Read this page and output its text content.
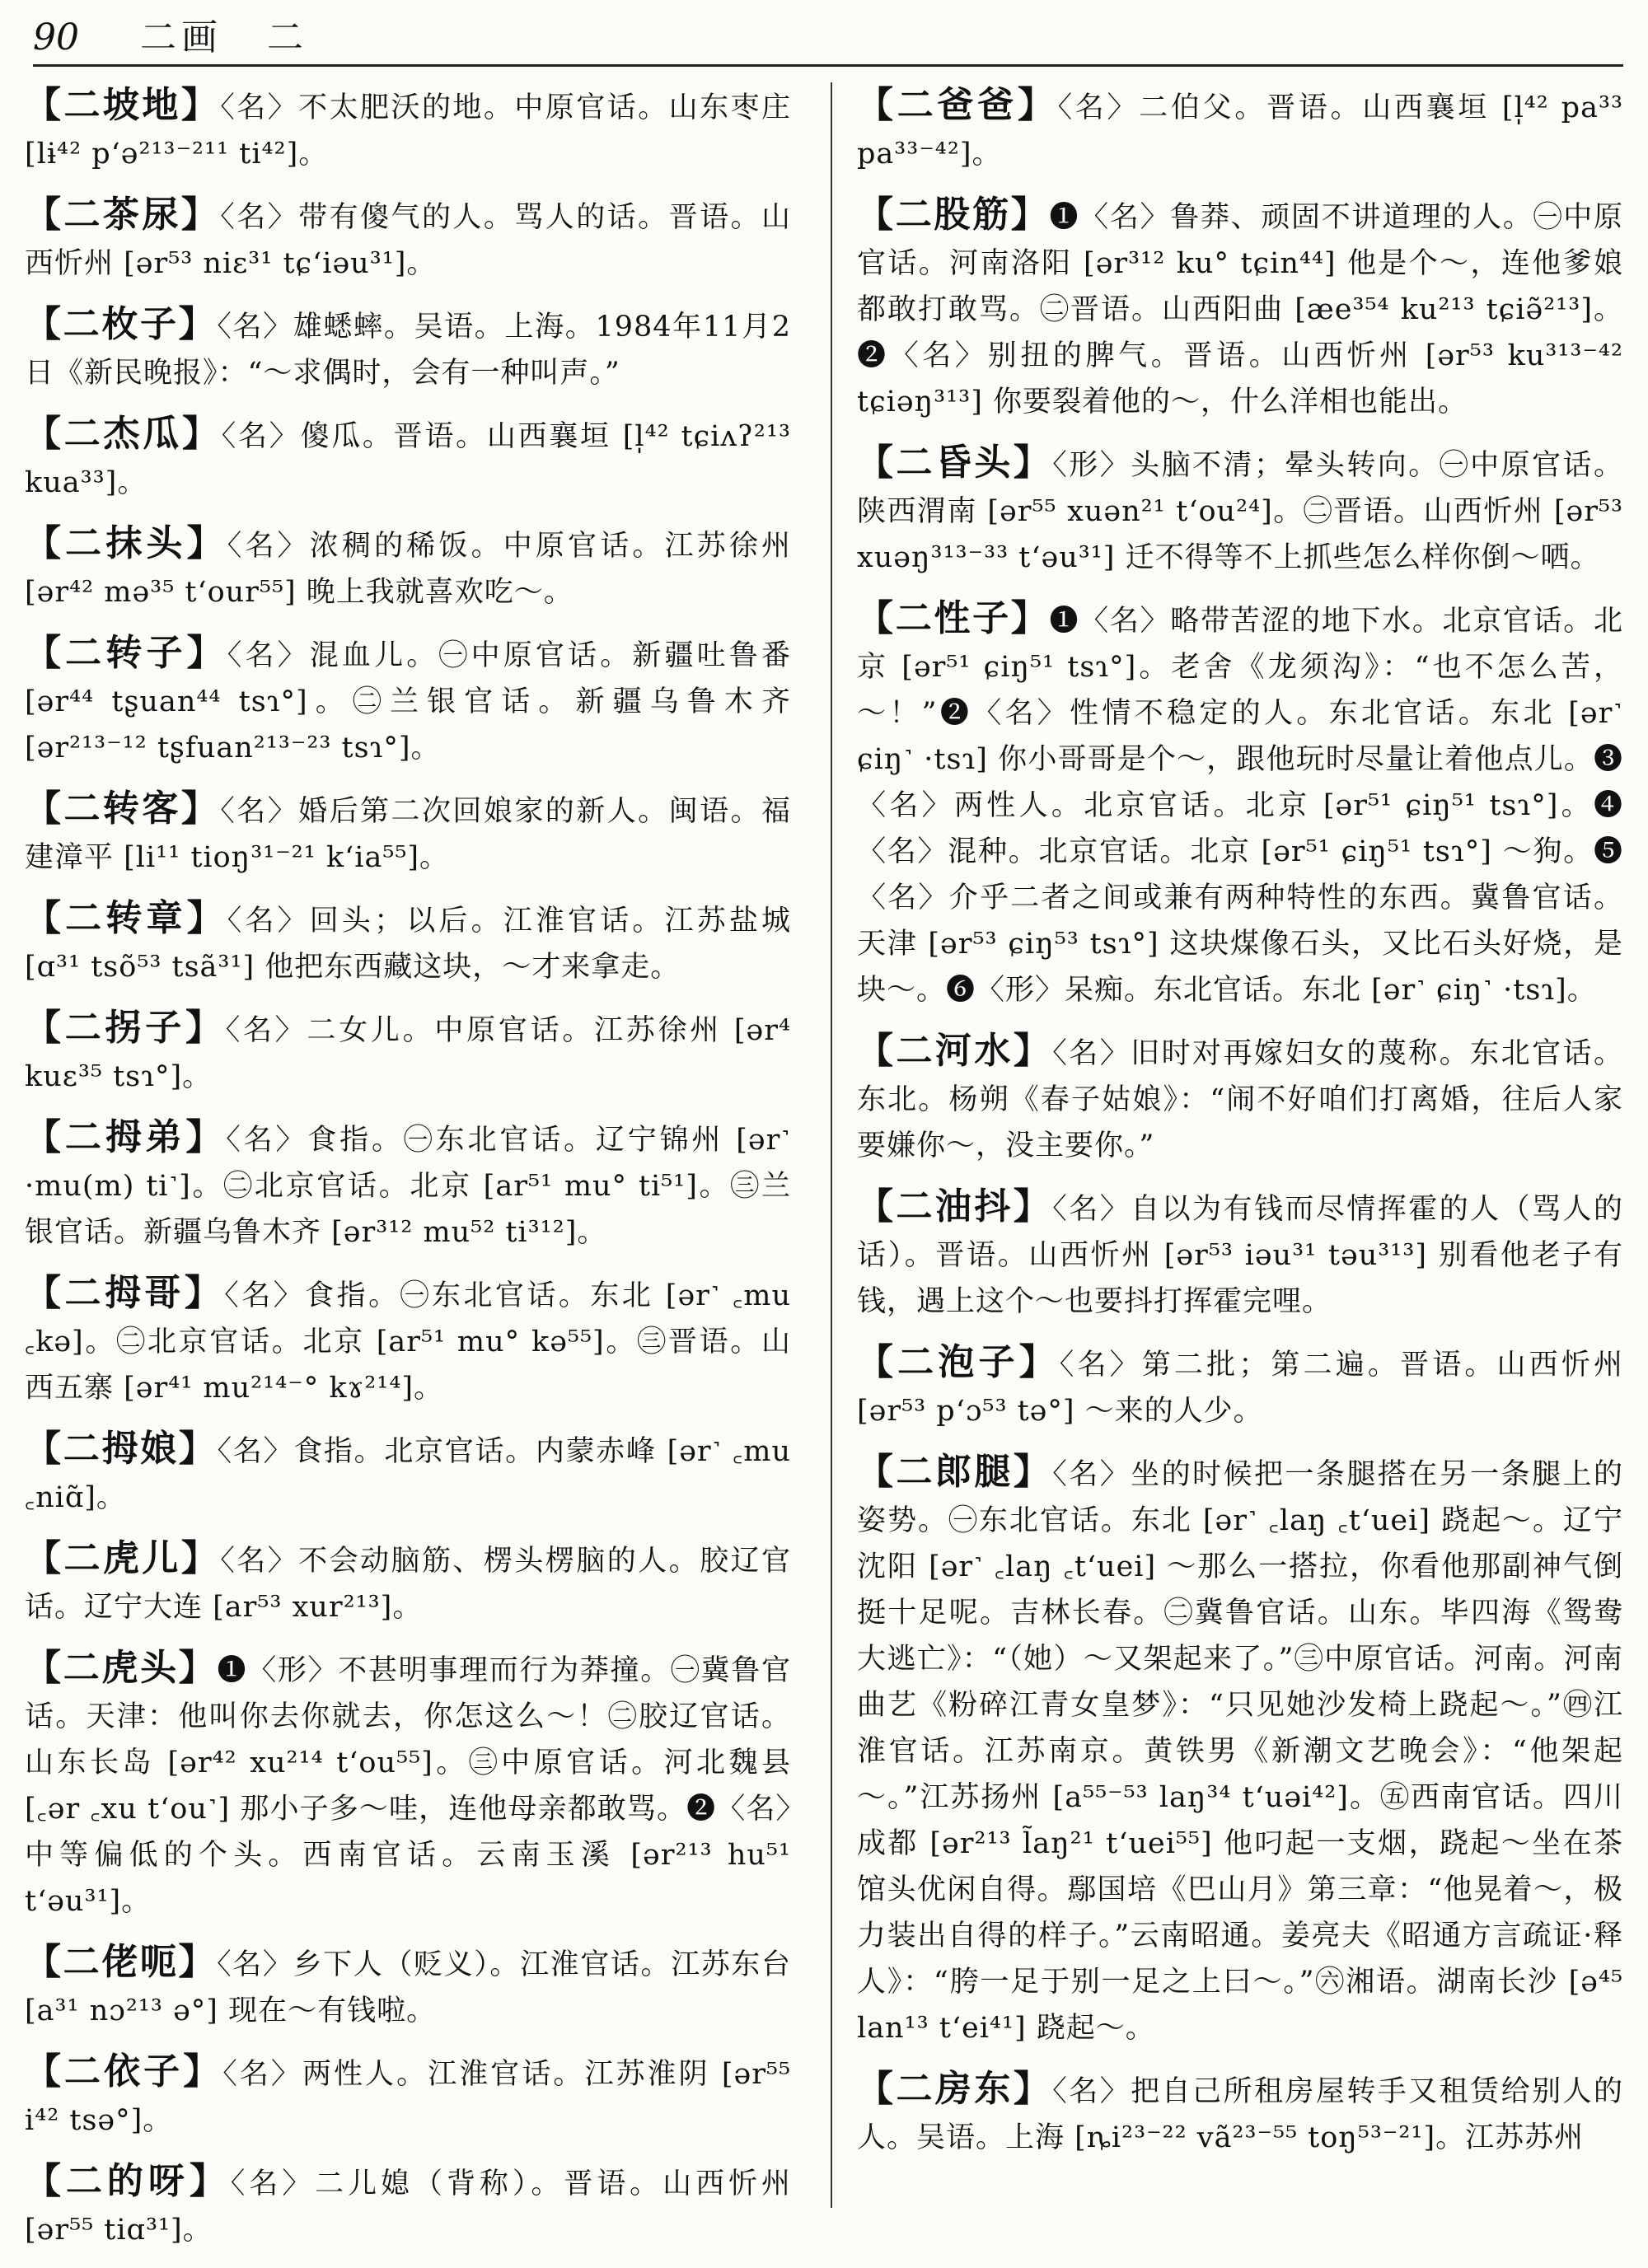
90 二画 二
【二坡地】〈名〉不太肥沃的地。中原官话。山东枣庄 [lɨ⁴² pʻə²¹³⁻²¹¹ ti⁴²]。
【二茶尿】〈名〉带有傻气的人。骂人的话。晋语。山西忻州 [ər⁵³ niɛ³¹ tɕʻiəu³¹]。
【二枚子】〈名〉雄蟋蟀。吴语。上海。1984年11月2日《新民晚报》：“～求偶时，会有一种叫声。”
【二杰瓜】〈名〉傻瓜。晋语。山西襄垣 [l̩⁴² tɕiʌʔ²¹³ kua³³]。
【二抹头】〈名〉浓稠的稀饭。中原官话。江苏徐州 [ər⁴² mə³⁵ tʻour⁵⁵] 晚上我就喜欢吃～。
【二转子】〈名〉混血儿。㊀中原官话。新疆吐鲁番 [ər⁴⁴ tʂuan⁴⁴ tsɿ°]。㊁兰银官话。新疆乌鲁木齐 [ər²¹³⁻¹² tʂfuan²¹³⁻²³ tsɿ°]。
【二转客】〈名〉婚后第二次回娘家的新人。闽语。福建漳平 [li¹¹ tioŋ³¹⁻²¹ kʻia⁵⁵]。
【二转章】〈名〉回头；以后。江淮官话。江苏盐城 [ɑ³¹ tsõ⁵³ tsã³¹] 他把东西藏这块，～才来拿走。
【二拐子】〈名〉二女儿。中原官话。江苏徐州 [ər⁴ kuɛ³⁵ tsɿ°]。
【二拇弟】〈名〉食指。㊀东北官话。辽宁锦州 [ər˺ ·mu(m) ti˺]。㊁北京官话。北京 [ar⁵¹ mu° ti⁵¹]。㊂兰银官话。新疆乌鲁木齐 [ər³¹² mu⁵² ti³¹²]。
【二拇哥】〈名〉食指。㊀东北官话。东北 [ər˺ ꜀mu ꜀kə]。㊁北京官话。北京 [ar⁵¹ mu° kə⁵⁵]。㊂晋语。山西五寨 [ər⁴¹ mu²¹⁴⁻° kɤ²¹⁴]。
【二拇娘】〈名〉食指。北京官话。内蒙赤峰 [ər˺ ꜀mu ꜀niɑ̃]。
【二虎儿】〈名〉不会动脑筋、楞头楞脑的人。胶辽官话。辽宁大连 [ar⁵³ xur²¹³]。
【二虎头】❶〈形〉不甚明事理而行为莽撞。㊀冀鲁官话。天津：他叫你去你就去，你怎这么～！㊁胶辽官话。山东长岛 [ər⁴² xu²¹⁴ tʻou⁵⁵]。㊂中原官话。河北魏县 [꜀ər ꜀xu tʻou˺] 那小子多～哇，连他母亲都敢骂。❷〈名〉中等偏低的个头。西南官话。云南玉溪 [ər²¹³ hu⁵¹ tʻəu³¹]。
【二佬呃】〈名〉乡下人（贬义）。江淮官话。江苏东台 [a³¹ nɔ²¹³ ə°] 现在～有钱啦。
【二依子】〈名〉两性人。江淮官话。江苏淮阴 [ər⁵⁵ i⁴² tsə°]。
【二的呀】〈名〉二儿媳（背称）。晋语。山西忻州 [ər⁵⁵ tiɑ³¹]。
【二爸爸】〈名〉二伯父。晋语。山西襄垣 [l̩⁴² pa³³ pa³³⁻⁴²]。
【二股筋】❶〈名〉鲁莽、顽固不讲道理的人。㊀中原官话。河南洛阳 [ər³¹² ku° tɕin⁴⁴] 他是个～，连他爹娘都敢打敢骂。㊁晋语。山西阳曲 [æe³⁵⁴ ku²¹³ tɕiə̃²¹³]。❷〈名〉别扭的脾气。晋语。山西忻州 [ər⁵³ ku³¹³⁻⁴² tɕiəŋ³¹³] 你要裂着他的～，什么洋相也能出。
【二昏头】〈形〉头脑不清；晕头转向。㊀中原官话。陕西渭南 [ər⁵⁵ xuən²¹ tʻou²⁴]。㊁晋语。山西忻州 [ər⁵³ xuəŋ³¹³⁻³³ tʻəu³¹] 迁不得等不上抓些怎么样你倒～哂。
【二性子】❶〈名〉略带苦涩的地下水。北京官话。北京 [ər⁵¹ ɕiŋ⁵¹ tsɿ°]。老舍《龙须沟》：“也不怎么苦，～！”❷〈名〉性情不稳定的人。东北官话。东北 [ər˺ ɕiŋ˺ ·tsɿ] 你小哥哥是个～，跟他玩时尽量让着他点儿。❸〈名〉两性人。北京官话。北京 [ər⁵¹ ɕiŋ⁵¹ tsɿ°]。❹〈名〉混种。北京官话。北京 [ər⁵¹ ɕiŋ⁵¹ tsɿ°] ～狗。❺〈名〉介乎二者之间或兼有两种特性的东西。冀鲁官话。天津 [ər⁵³ ɕiŋ⁵³ tsɿ°] 这块煤像石头，又比石头好烧，是块～。❻〈形〉呆痴。东北官话。东北 [ər˺ ɕiŋ˺ ·tsɿ]。
【二河水】〈名〉旧时对再嫁妇女的蔑称。东北官话。东北。杨朔《春子姑娘》：“闹不好咱们打离婚，往后人家要嫌你～，没主要你。”
【二油抖】〈名〉自以为有钱而尽情挥霍的人（骂人的话）。晋语。山西忻州 [ər⁵³ iəu³¹ təu³¹³] 别看他老子有钱，遇上这个～也要抖打挥霍完哩。
【二泡子】〈名〉第二批；第二遍。晋语。山西忻州 [ər⁵³ pʻɔ⁵³ tə°] ～来的人少。
【二郎腿】〈名〉坐的时候把一条腿搭在另一条腿上的姿势。㊀东北官话。东北 [ər˺ ꜀laŋ ꜀tʻuei] 跷起～。辽宁沈阳 [ər˺ ꜀laŋ ꜀tʻuei] ～那么一搭拉，你看他那副神气倒挺十足呢。吉林长春。㊁冀鲁官话。山东。毕四海《鸳鸯大逃亡》：“（她）～又架起来了。”㊂中原官话。河南。河南曲艺《粉碎江青女皇梦》：“只见她沙发椅上跷起～。”㊃江淮官话。江苏南京。黄铁男《新潮文艺晚会》：“他架起～。”江苏扬州 [a⁵⁵⁻⁵³ laŋ³⁴ tʻuəi⁴²]。㊄西南官话。四川成都 [ər²¹³ l̃aŋ²¹ tʻuei⁵⁵] 他叼起一支烟，跷起～坐在茶馆头优闲自得。鄢国培《巴山月》第三章：“他晃着～，极力装出自得的样子。”云南昭通。姜亮夫《昭通方言疏证·释人》：“胯一足于别一足之上曰～。”㊅湘语。湖南长沙 [ə⁴⁵ lan¹³ tʻei⁴¹] 跷起～。
【二房东】〈名〉把自己所租房屋转手又租赁给别人的人。吴语。上海 [ȵi²³⁻²² vã²³⁻⁵⁵ toŋ⁵³⁻²¹]。江苏苏州
